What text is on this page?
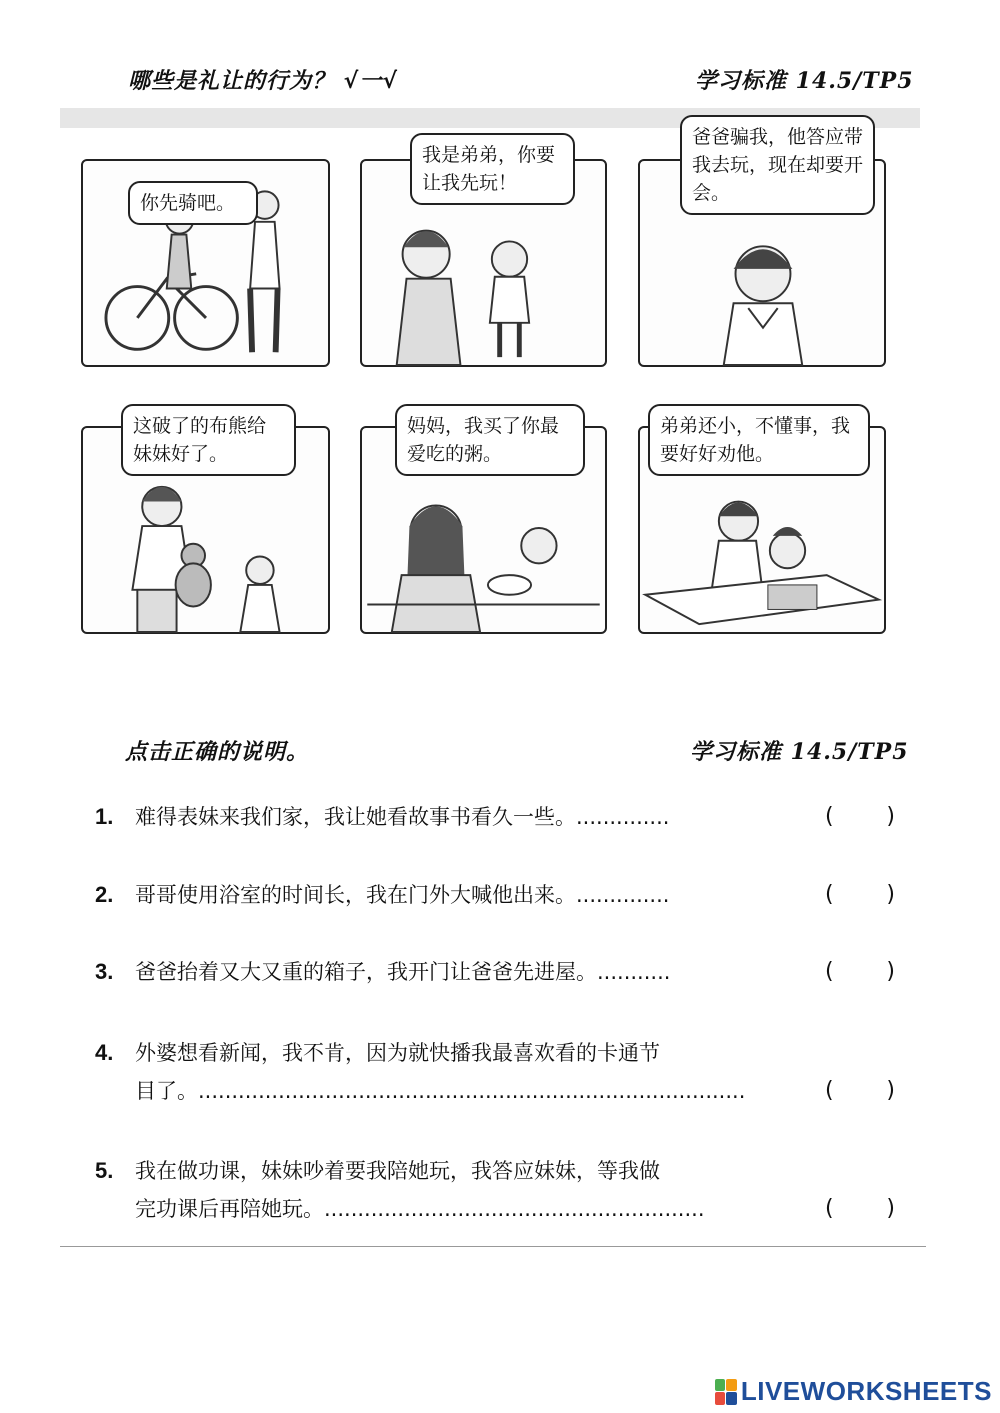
哪些是礼让的行为？ √一√	学习标准 14.5/TP5
你先骑吧。
我是弟弟，你要让我先玩！
爸爸骗我，他答应带我去玩，现在却要开会。
这破了的布熊给妹妹好了。
妈妈，我买了你最爱吃的粥。
弟弟还小，不懂事，我要好好劝他。
点击正确的说明。	学习标准 14.5/TP5
1. 难得表妹来我们家，我让她看故事书看久一些。..............	( )
2. 哥哥使用浴室的时间长，我在门外大喊他出来。..............	( )
3. 爸爸抬着又大又重的箱子，我开门让爸爸先进屋。...........	( )
4. 外婆想看新闻，我不肯，因为就快播我最喜欢看的卡通节
目了。..................................................................................	( )
5. 我在做功课，妹妹吵着要我陪她玩，我答应妹妹，等我做
完功课后再陪她玩。.........................................................	( )
LIVEWORKSHEETS
